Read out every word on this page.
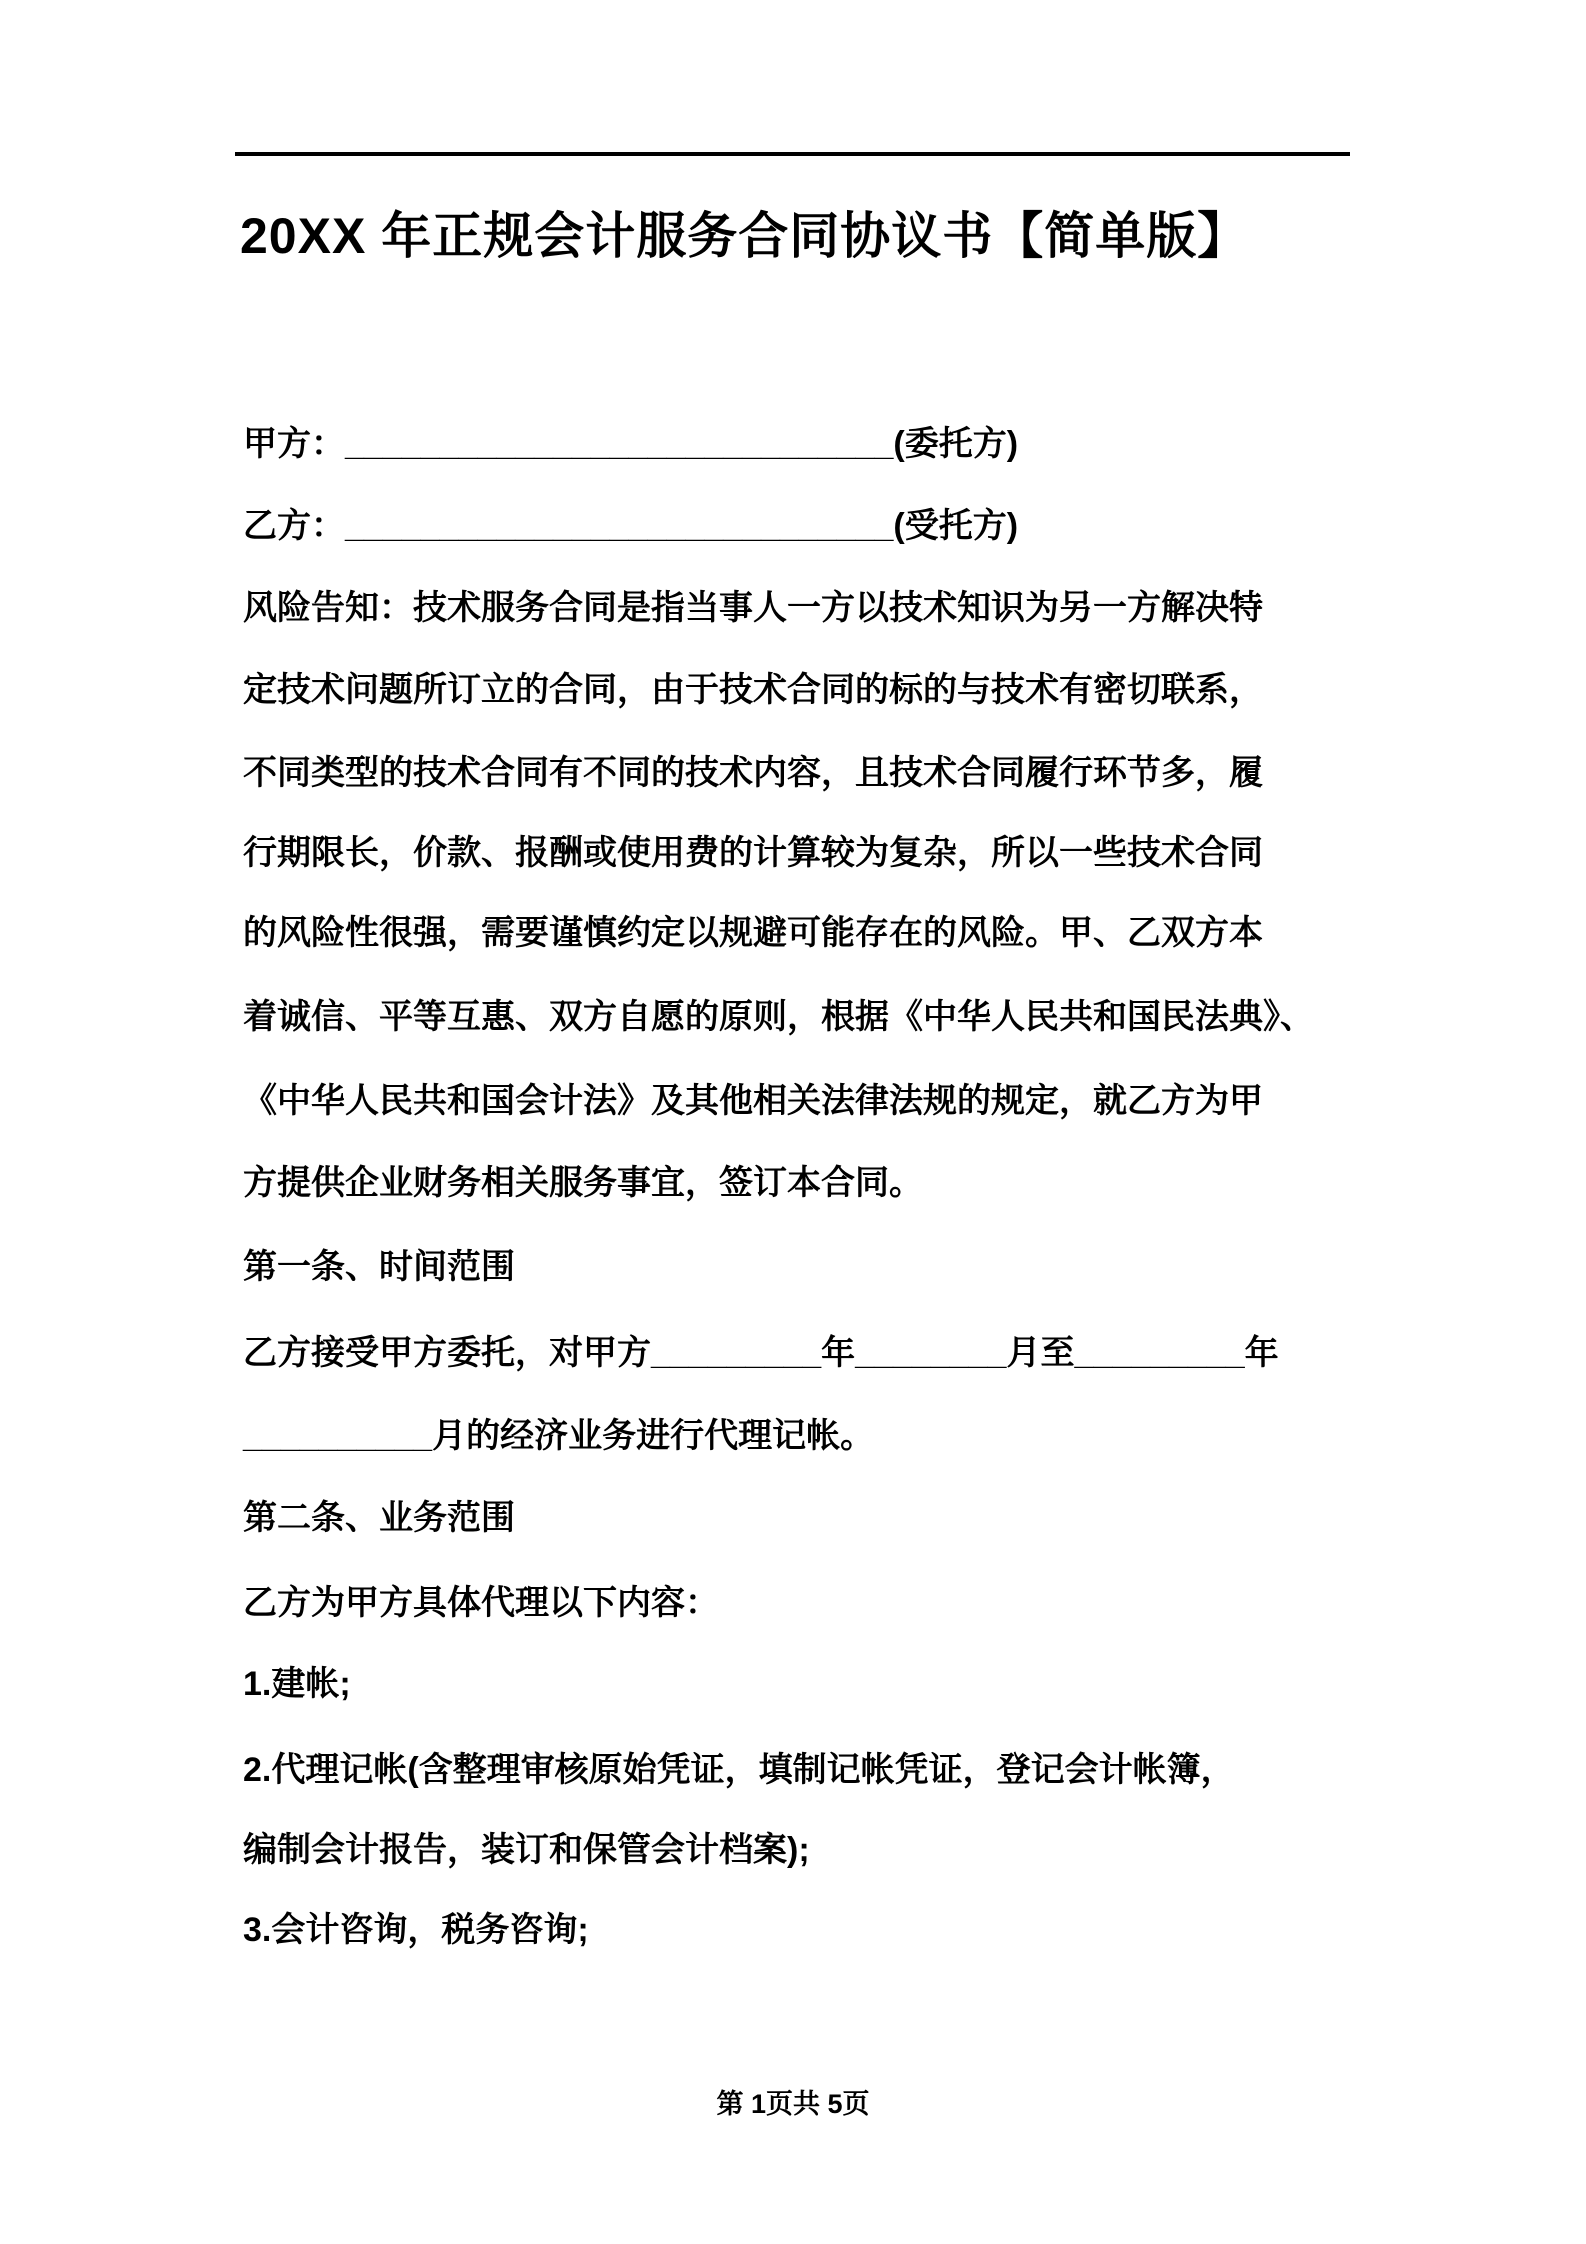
20XX 年正规会计服务合同协议书【简单版】
甲方：_____________________________(委托方)
乙方：_____________________________(受托方)
风险告知：技术服务合同是指当事人一方以技术知识为另一方解决特
定技术问题所订立的合同，由于技术合同的标的与技术有密切联系，
不同类型的技术合同有不同的技术内容，且技术合同履行环节多，履
行期限长，价款、报酬或使用费的计算较为复杂，所以一些技术合同
的风险性很强，需要谨慎约定以规避可能存在的风险。甲、乙双方本
着诚信、平等互惠、双方自愿的原则，根据《中华人民共和国民法典》、
《中华人民共和国会计法》及其他相关法律法规的规定，就乙方为甲
方提供企业财务相关服务事宜，签订本合同。
第一条、时间范围
乙方接受甲方委托，对甲方_________年________月至_________年
__________月的经济业务进行代理记帐。
第二条、业务范围
乙方为甲方具体代理以下内容：
1.建帐;
2.代理记帐(含整理审核原始凭证，填制记帐凭证，登记会计帐簿，
编制会计报告，装订和保管会计档案);
3.会计咨询，税务咨询;
第 1页共 5页
